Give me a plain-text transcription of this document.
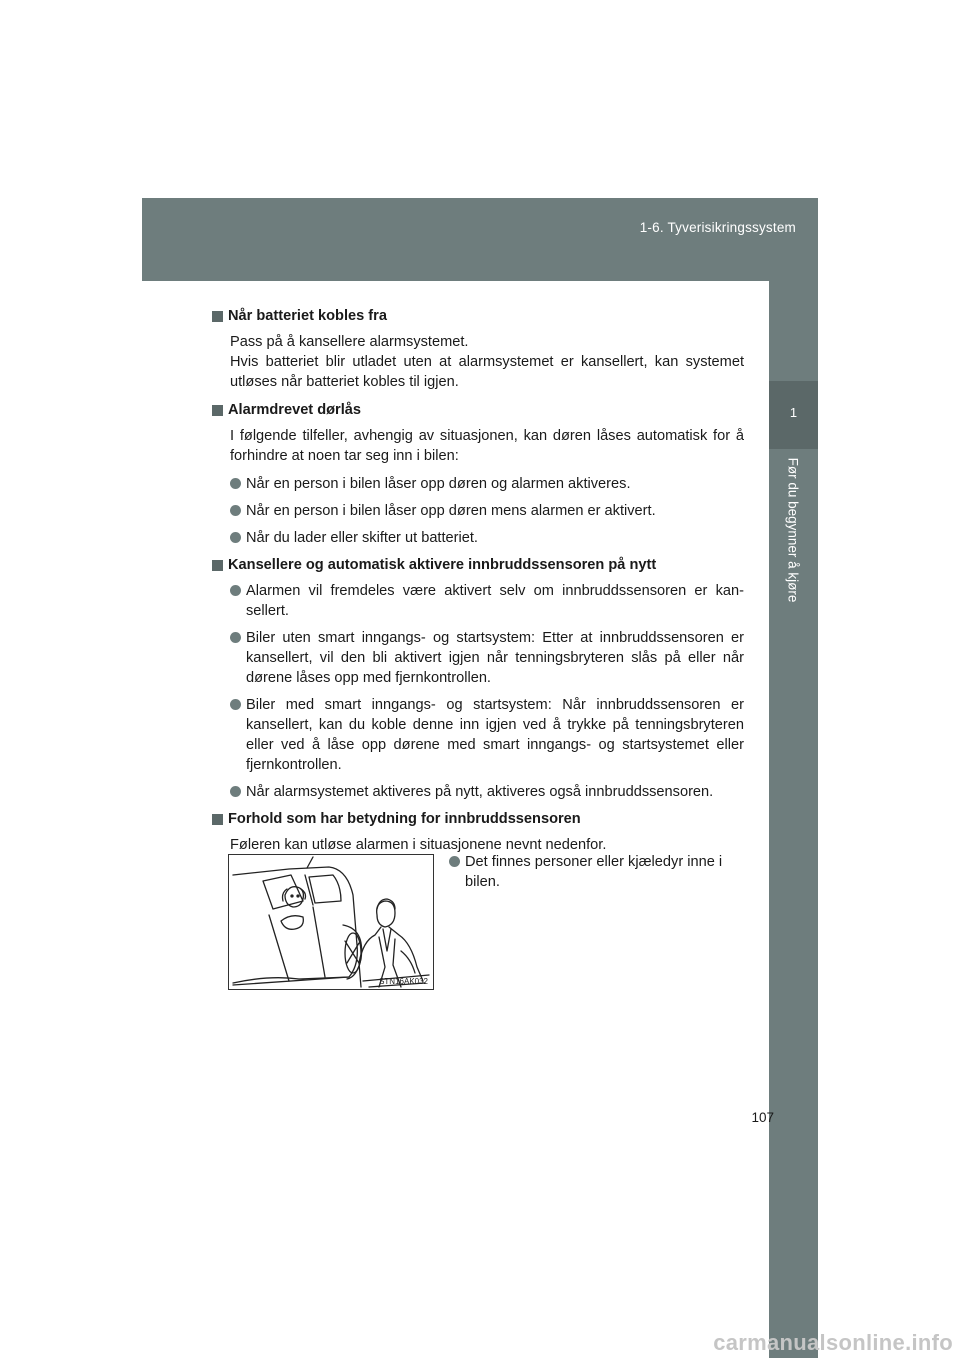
1-6. Tyverisikringssystem
1
Før du begynner å kjøre
Når batteriet kobles fra

Pass på å kansellere alarmsystemet.

Hvis batteriet blir utladet uten at alarmsystemet er kansellert, kan systemet utløses når batteriet kobles til igjen.

Alarmdrevet dørlås

I følgende tilfeller, avhengig av situasjonen, kan døren låses automatisk for å forhindre at noen tar seg inn i bilen:

Når en person i bilen låser opp døren og alarmen aktiveres.
Når en person i bilen låser opp døren mens alarmen er aktivert.
Når du lader eller skifter ut batteriet.
Kansellere og automatisk aktivere innbruddssensoren på nytt
Alarmen vil fremdeles være aktivert selv om innbruddssensoren er kan-sellert.
Biler uten smart inngangs- og startsystem: Etter at innbruddssensoren er kansellert, vil den bli aktivert igjen når tenningsbryteren slås på eller når dørene låses opp med fjernkontrollen.
Biler med smart inngangs- og startsystem: Når innbruddssensoren er kansellert, kan du koble denne inn igjen ved å trykke på tenningsbryteren eller ved å låse opp dørene med smart inngangs- og startsystemet eller fjernkontrollen.
Når alarmsystemet aktiveres på nytt, aktiveres også innbruddssensoren.
Forhold som har betydning for innbruddssensoren

Føleren kan utløse alarmen i situasjonene nevnt nedenfor.

STN16AK032
Det finnes personer eller kjæledyr inne i bilen.
107
carmanualsonline.info
